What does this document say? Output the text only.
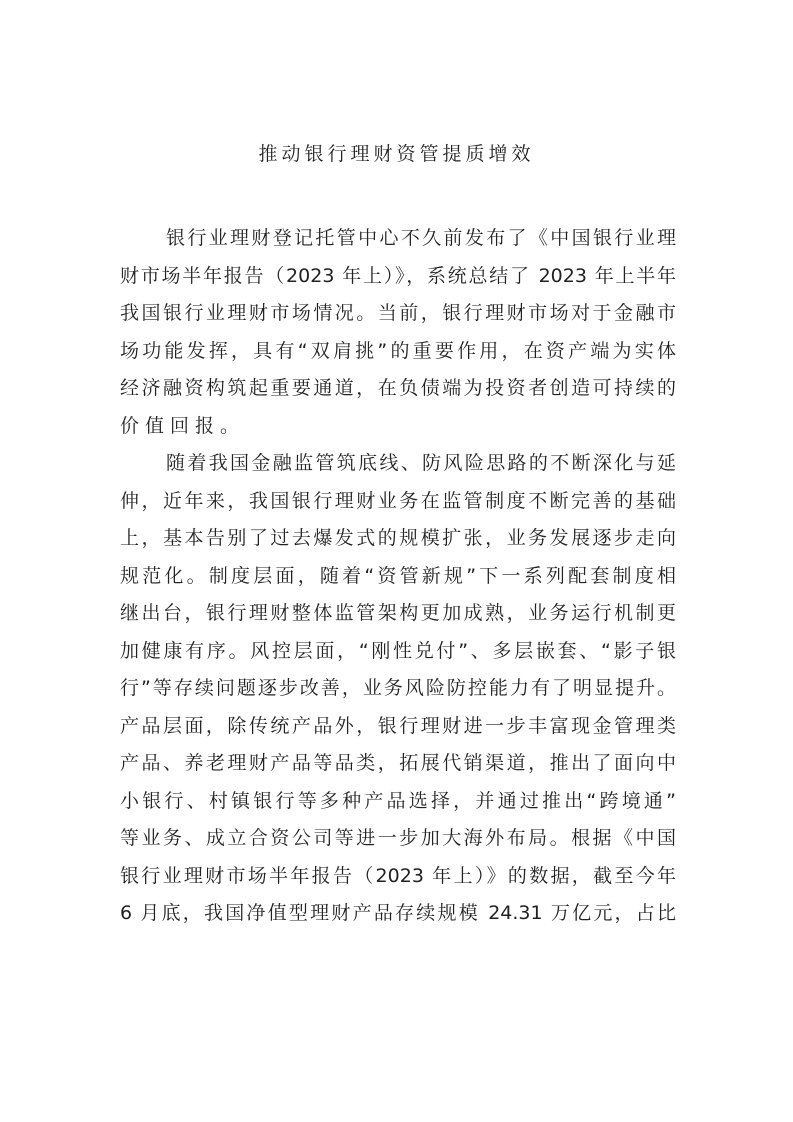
推动银行理财资管提质增效
银行业理财登记托管中心不久前发布了《中国银行业理
财市场半年报告（2023 年上）》，系统总结了 2023 年上半年
我国银行业理财市场情况。当前，银行理财市场对于金融市
场功能发挥，具有“双肩挑”的重要作用，在资产端为实体
经济融资构筑起重要通道，在负债端为投资者创造可持续的
价值回报。
随着我国金融监管筑底线、防风险思路的不断深化与延
伸，近年来，我国银行理财业务在监管制度不断完善的基础
上，基本告别了过去爆发式的规模扩张，业务发展逐步走向
规范化。制度层面，随着“资管新规”下一系列配套制度相
继出台，银行理财整体监管架构更加成熟，业务运行机制更
加健康有序。风控层面，“刚性兑付”、多层嵌套、“影子银
行”等存续问题逐步改善，业务风险防控能力有了明显提升。
产品层面，除传统产品外，银行理财进一步丰富现金管理类
产品、养老理财产品等品类，拓展代销渠道，推出了面向中
小银行、村镇银行等多种产品选择，并通过推出“跨境通”
等业务、成立合资公司等进一步加大海外布局。根据《中国
银行业理财市场半年报告（2023 年上）》的数据，截至今年
6 月底，我国净值型理财产品存续规模 24.31 万亿元，占比
